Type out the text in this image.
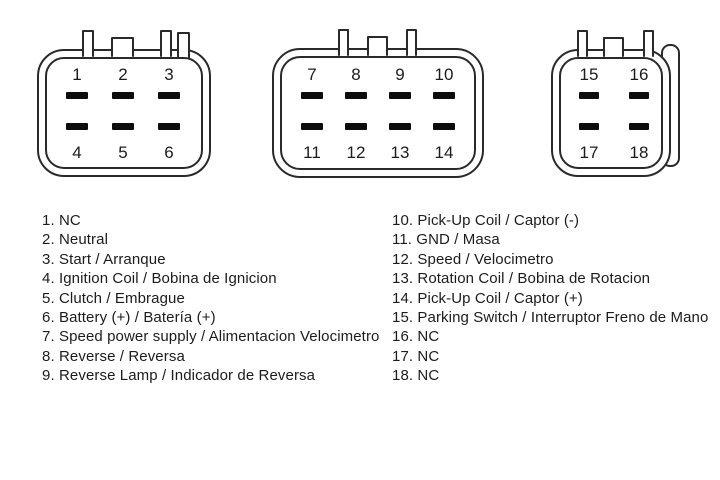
1 2 3
4 5 6
7 8 9 10
11 12 13 14
15 16
17 18
1. NC
2. Neutral
3. Start / Arranque
4. Ignition Coil / Bobina de Ignicion
5. Clutch / Embrague
6. Battery (+) / Batería (+)
7. Speed power supply / Alimentacion Velocimetro
8. Reverse / Reversa
9. Reverse Lamp / Indicador de Reversa
10. Pick-Up Coil / Captor (-)
11. GND / Masa
12. Speed / Velocimetro
13. Rotation Coil / Bobina de Rotacion
14. Pick-Up Coil / Captor (+)
15. Parking Switch / Interruptor Freno de Mano
16. NC
17. NC
18. NC
